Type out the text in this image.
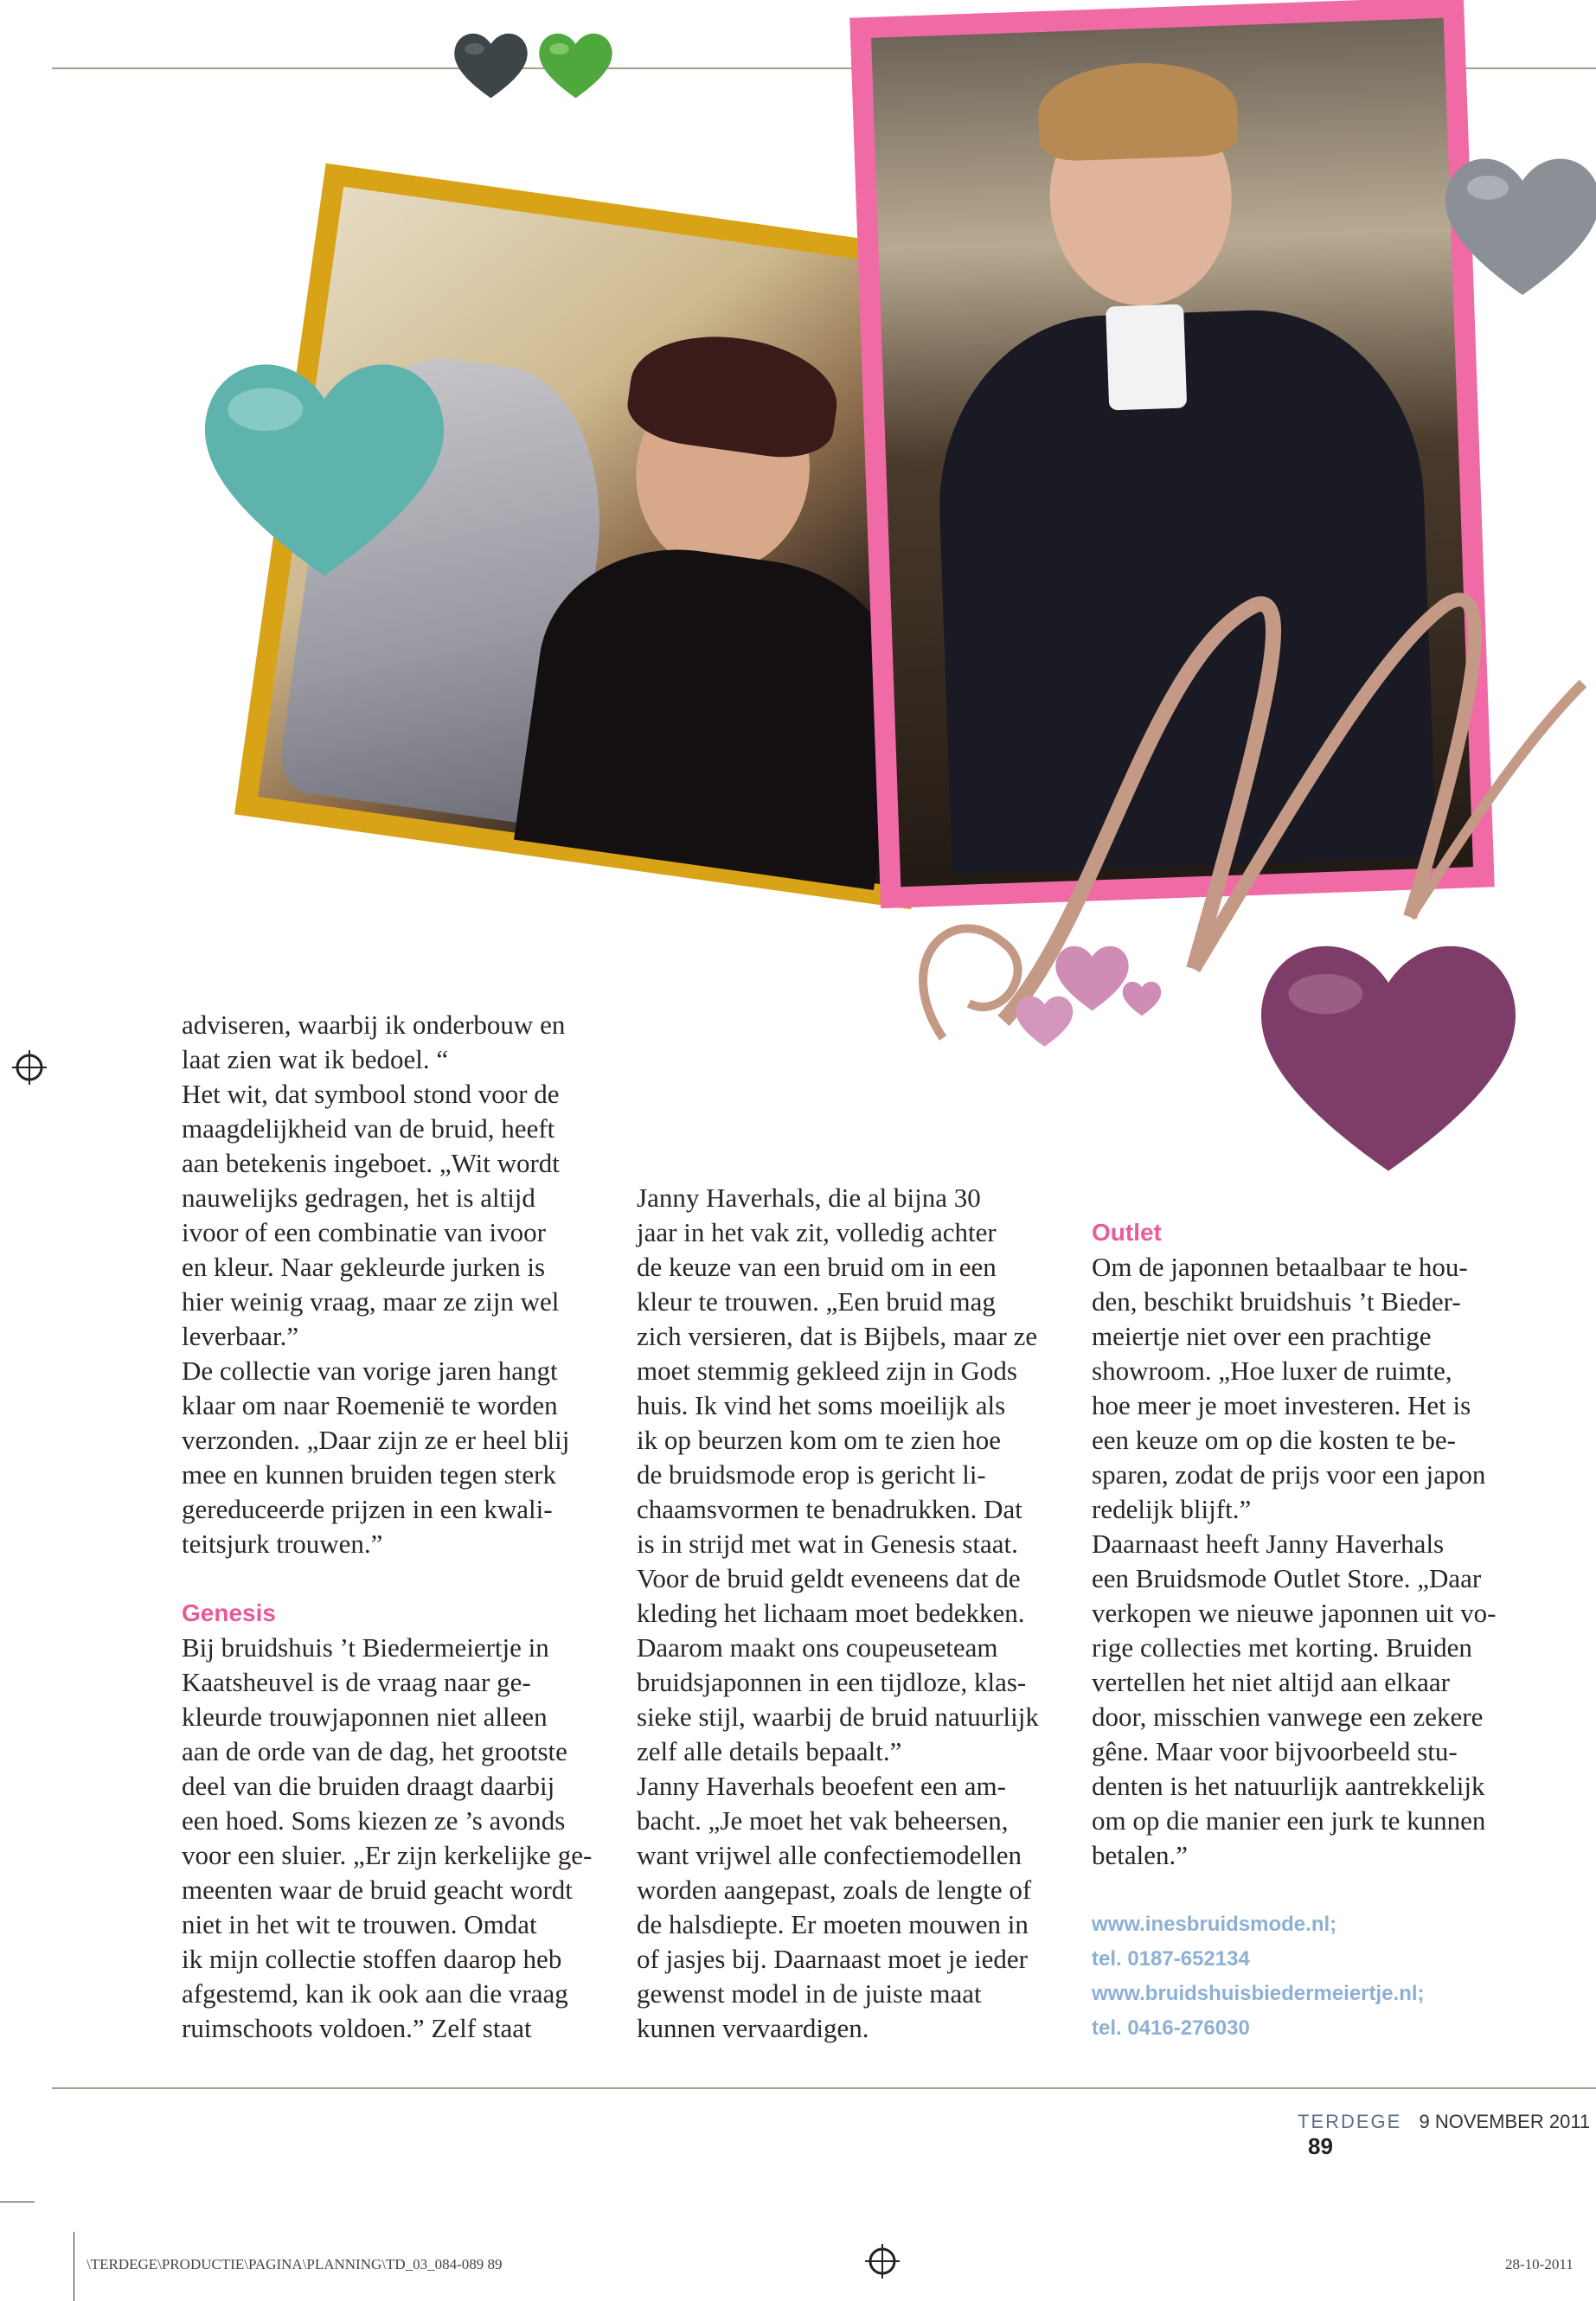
adviseren, waarbij ik onderbouw en

laat zien wat ik bedoel. “

Het wit, dat symbool stond voor de

maagdelijkheid van de bruid, heeft

aan betekenis ingeboet. „Wit wordt

nauwelijks gedragen, het is altijd

ivoor of een combinatie van ivoor

en kleur. Naar gekleurde jurken is

hier weinig vraag, maar ze zijn wel

leverbaar.”

De collectie van vorige jaren hangt

klaar om naar Roemenië te worden

verzonden. „Daar zijn ze er heel blij

mee en kunnen bruiden tegen sterk

gereduceerde prijzen in een kwali-

teitsjurk trouwen.”

Genesis

Bij bruidshuis ’t Biedermeiertje in

Kaatsheuvel is de vraag naar ge-

kleurde trouwjaponnen niet alleen

aan de orde van de dag, het grootste

deel van die bruiden draagt daarbij

een hoed. Soms kiezen ze ’s avonds

voor een sluier. „Er zijn kerkelijke ge-

meenten waar de bruid geacht wordt

niet in het wit te trouwen. Omdat

ik mijn collectie stoffen daarop heb

afgestemd, kan ik ook aan die vraag

ruimschoots voldoen.” Zelf staat

Janny Haverhals, die al bijna 30

jaar in het vak zit, volledig achter

de keuze van een bruid om in een

kleur te trouwen. „Een bruid mag

zich versieren, dat is Bijbels, maar ze

moet stemmig gekleed zijn in Gods

huis. Ik vind het soms moeilijk als

ik op beurzen kom om te zien hoe

de bruidsmode erop is gericht li-

chaamsvormen te benadrukken. Dat

is in strijd met wat in Genesis staat.

Voor de bruid geldt eveneens dat de

kleding het lichaam moet bedekken.

Daarom maakt ons coupeuseteam

bruidsjaponnen in een tijdloze, klas-

sieke stijl, waarbij de bruid natuurlijk

zelf alle details bepaalt.”

Janny Haverhals beoefent een am-

bacht. „Je moet het vak beheersen,

want vrijwel alle confectiemodellen

worden aangepast, zoals de lengte of

de halsdiepte. Er moeten mouwen in

of jasjes bij. Daarnaast moet je ieder

gewenst model in de juiste maat

kunnen vervaardigen.

Outlet

Om de japonnen betaalbaar te hou-

den, beschikt bruidshuis ’t Bieder-

meiertje niet over een prachtige

showroom. „Hoe luxer de ruimte,

hoe meer je moet investeren. Het is

een keuze om op die kosten te be-

sparen, zodat de prijs voor een japon

redelijk blijft.”

Daarnaast heeft Janny Haverhals

een Bruidsmode Outlet Store. „Daar

verkopen we nieuwe japonnen uit vo-

rige collecties met korting. Bruiden

vertellen het niet altijd aan elkaar

door, misschien vanwege een zekere

gêne. Maar voor bijvoorbeeld stu-

denten is het natuurlijk aantrekkelijk

om op die manier een jurk te kunnen

betalen.”

www.inesbruidsmode.nl;

tel. 0187-652134

www.bruidshuisbiedermeiertje.nl;

tel. 0416-276030

TERDEGE 9 NOVEMBER 2011 89
\TERDEGE\PRODUCTIE\PAGINA\PLANNING\TD_03_084-089 89	28-10-2011
